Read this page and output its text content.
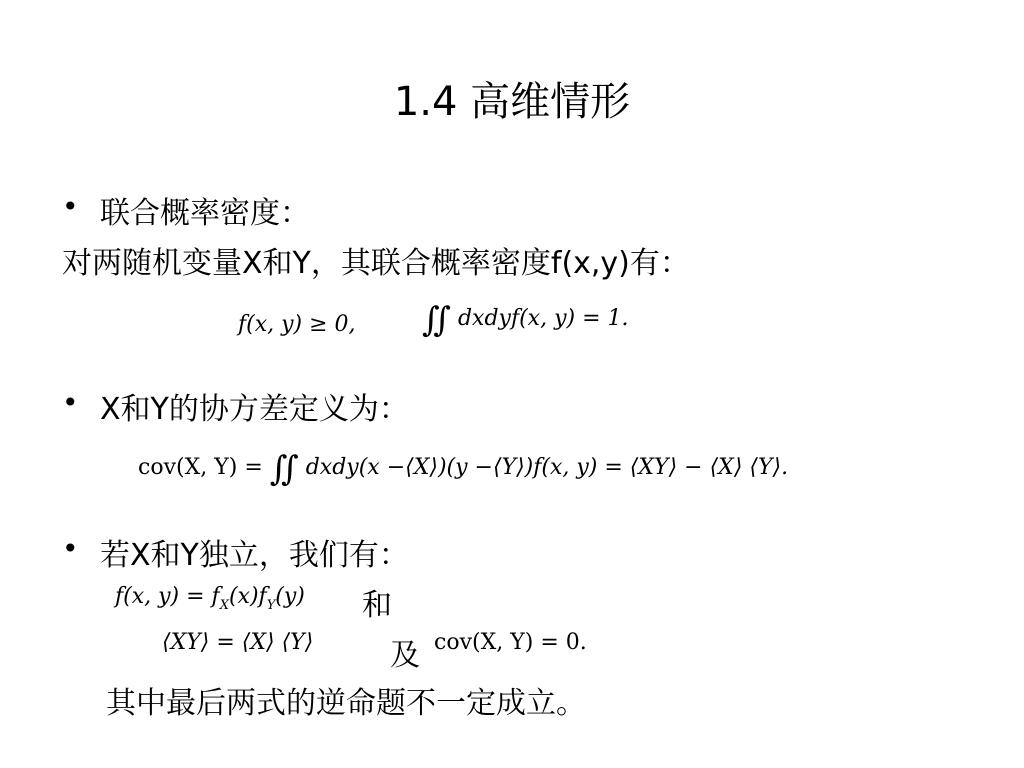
1.4 高维情形
• 联合概率密度：
对两随机变量X和Y，其联合概率密度f(x,y)有：
f(x, y) ≥ 0, ∬ dxdyf(x, y) = 1.
• X和Y的协方差定义为：
cov(X, Y) = ∬ dxdy(x −⟨X⟩)(y −⟨Y⟩)f(x, y) = ⟨XY⟩ − ⟨X⟩ ⟨Y⟩.
• 若X和Y独立，我们有：
f(x, $y) = f_X(x)f_Y(y)$ 和
⟨XY⟩ = ⟨X⟩ ⟨Y⟩	及 cov(X, Y) = 0.
其中最后两式的逆命题不一定成立。
